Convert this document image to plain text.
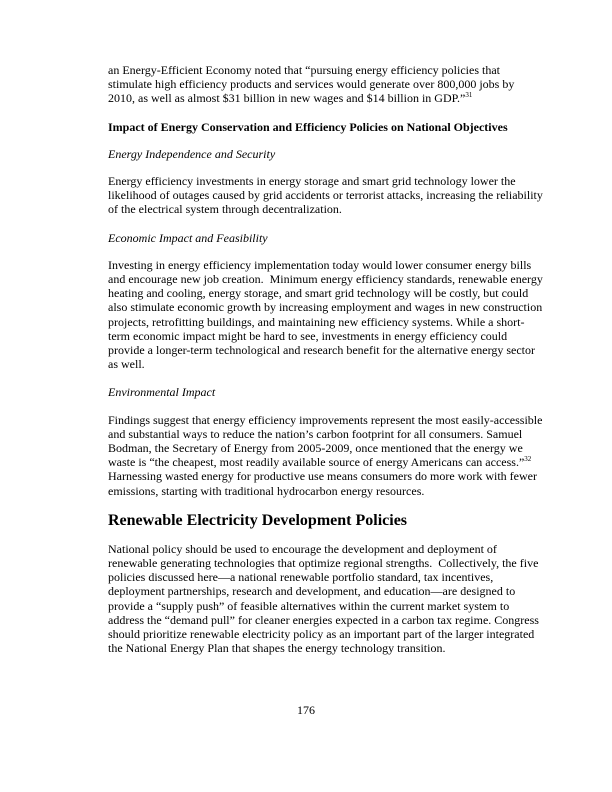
an Energy-Efficient Economy noted that “pursuing energy efficiency policies that stimulate high efficiency products and services would generate over 800,000 jobs by 2010, as well as almost $31 billion in new wages and $14 billion in GDP.”$^{31}$

Impact of Energy Conservation and Efficiency Policies on National Objectives

Energy Independence and Security

Energy efficiency investments in energy storage and smart grid technology lower the likelihood of outages caused by grid accidents or terrorist attacks, increasing the reliability of the electrical system through decentralization.

Economic Impact and Feasibility

Investing in energy efficiency implementation today would lower consumer energy bills and encourage new job creation.  Minimum energy efficiency standards, renewable energy heating and cooling, energy storage, and smart grid technology will be costly, but could also stimulate economic growth by increasing employment and wages in new construction projects, retrofitting buildings, and maintaining new efficiency systems. While a short-term economic impact might be hard to see, investments in energy efficiency could provide a longer-term technological and research benefit for the alternative energy sector as well.

Environmental Impact

Findings suggest that energy efficiency improvements represent the most easily-accessible and substantial ways to reduce the nation’s carbon footprint for all consumers. Samuel Bodman, the Secretary of Energy from 2005-2009, once mentioned that the energy we waste is “the cheapest, most readily available source of energy Americans can access.”$^{32}$  Harnessing wasted energy for productive use means consumers do more work with fewer emissions, starting with traditional hydrocarbon energy resources.

Renewable Electricity Development Policies

National policy should be used to encourage the development and deployment of renewable generating technologies that optimize regional strengths.  Collectively, the five policies discussed here—a national renewable portfolio standard, tax incentives, deployment partnerships, research and development, and education—are designed to provide a “supply push” of feasible alternatives within the current market system to address the “demand pull” for cleaner energies expected in a carbon tax regime. Congress should prioritize renewable electricity policy as an important part of the larger integrated the National Energy Plan that shapes the energy technology transition.

176
